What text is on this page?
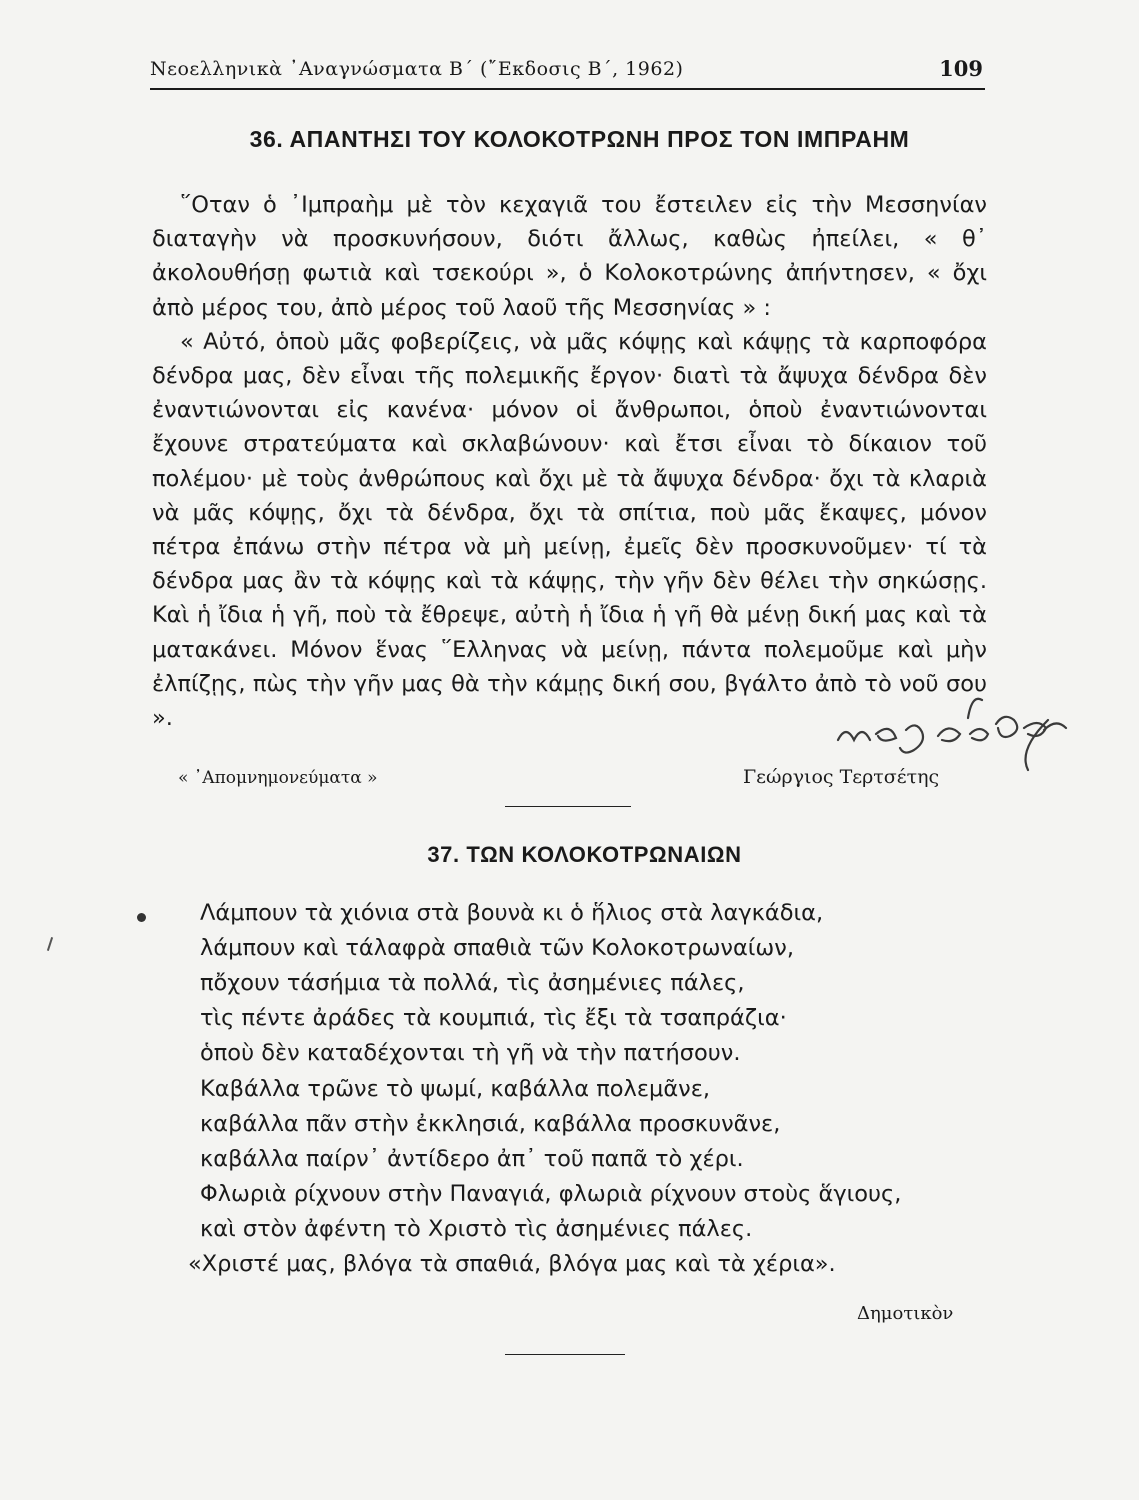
Νεοελληνικὰ ᾿Αναγνώσματα Β΄ (῎Εκδοσις Β΄, 1962)	109
36. ΑΠΑΝΤΗΣΙ ΤΟΥ ΚΟΛΟΚΟΤΡΩΝΗ ΠΡΟΣ ΤΟΝ ΙΜΠΡΑΗΜ

῞Οταν ὁ ᾿Ιμπραὴμ μὲ τὸν κεχαγιᾶ του ἔστειλεν εἰς τὴν Μεσσηνίαν διαταγὴν νὰ προσκυνήσουν, διότι ἄλλως, καθὼς ἠπείλει, « θ᾿ ἀκολουθήσῃ φωτιὰ καὶ τσεκούρι », ὁ Κολοκοτρώνης ἀπήντησεν, « ὄχι ἀπὸ μέρος του, ἀπὸ μέρος τοῦ λαοῦ τῆς Μεσσηνίας » :

« Αὐτό, ὁποὺ μᾶς φοβερίζεις, νὰ μᾶς κόψῃς καὶ κάψῃς τὰ καρποφόρα δένδρα μας, δὲν εἶναι τῆς πολεμικῆς ἔργον· διατὶ τὰ ἄψυχα δένδρα δὲν ἐναντιώνονται εἰς κανένα· μόνον οἱ ἄνθρωποι, ὁποὺ ἐναντιώνονται ἔχουνε στρατεύματα καὶ σκλαβώνουν· καὶ ἔτσι εἶναι τὸ δίκαιον τοῦ πολέμου· μὲ τοὺς ἀνθρώπους καὶ ὄχι μὲ τὰ ἄψυχα δένδρα· ὄχι τὰ κλαριὰ νὰ μᾶς κόψῃς, ὄχι τὰ δένδρα, ὄχι τὰ σπίτια, ποὺ μᾶς ἔκαψες, μόνον πέτρα ἐπάνω στὴν πέτρα νὰ μὴ μείνῃ, ἐμεῖς δὲν προσκυνοῦμεν· τί τὰ δένδρα μας ἂν τὰ κόψῃς καὶ τὰ κάψῃς, τὴν γῆν δὲν θέλει τὴν σηκώσῃς. Καὶ ἡ ἴδια ἡ γῆ, ποὺ τὰ ἔθρεψε, αὐτὴ ἡ ἴδια ἡ γῆ θὰ μένῃ δική μας καὶ τὰ ματαкάνει. Μόνον ἕνας ῞Ελληνας νὰ μείνῃ, πάντα πολεμοῦμε καὶ μὴν ἐλπίζῃς, πὼς τὴν γῆν μας θὰ τὴν κάμῃς δική σου, βγάλτο ἀπὸ τὸ νοῦ σου ».

« ᾿Απομνημονεύματα »	Γεώργιος Τερτσέτης
37. ΤΩΝ ΚΟΛΟΚΟΤΡΩΝΑΙΩΝ
Λάμπουν τὰ χιόνια στὰ βουνὰ κι ὁ ἥλιος στὰ λαγκάδια,
λάμπουν καὶ τάλαφρὰ σπαθιὰ τῶν Κολοκοτρωναίων,
πὄχουν τάσήμια τὰ πολλά, τὶς ἀσημένιες πάλες,
τὶς πέντε ἀράδες τὰ κουμπιά, τὶς ἔξι τὰ τσαπράζια·
ὁποὺ δὲν καταδέχονται τὴ γῆ νὰ τὴν πατήσουν.
Καβάλλα τρῶνε τὸ ψωμί, καβάλλα πολεμᾶνε,
καβάλλα πᾶν στὴν ἐκκλησιά, καβάλλα προσκυνᾶνε,
καβάλλα παίρν᾿ ἀντίδερο ἀπ᾿ τοῦ παπᾶ τὸ χέρι.
Φλωριὰ ρίχνουν στὴν Παναγιά, φλωριὰ ρίχνουν στοὺς ἅγιους,
καὶ στὸν ἀφέντη τὸ Χριστὸ τὶς ἀσημένιες πάλες.
«Χριστέ μας, βλόγα τὰ σπαθιά, βλόγα μας καὶ τὰ χέρια».
Δημοτικὸν
